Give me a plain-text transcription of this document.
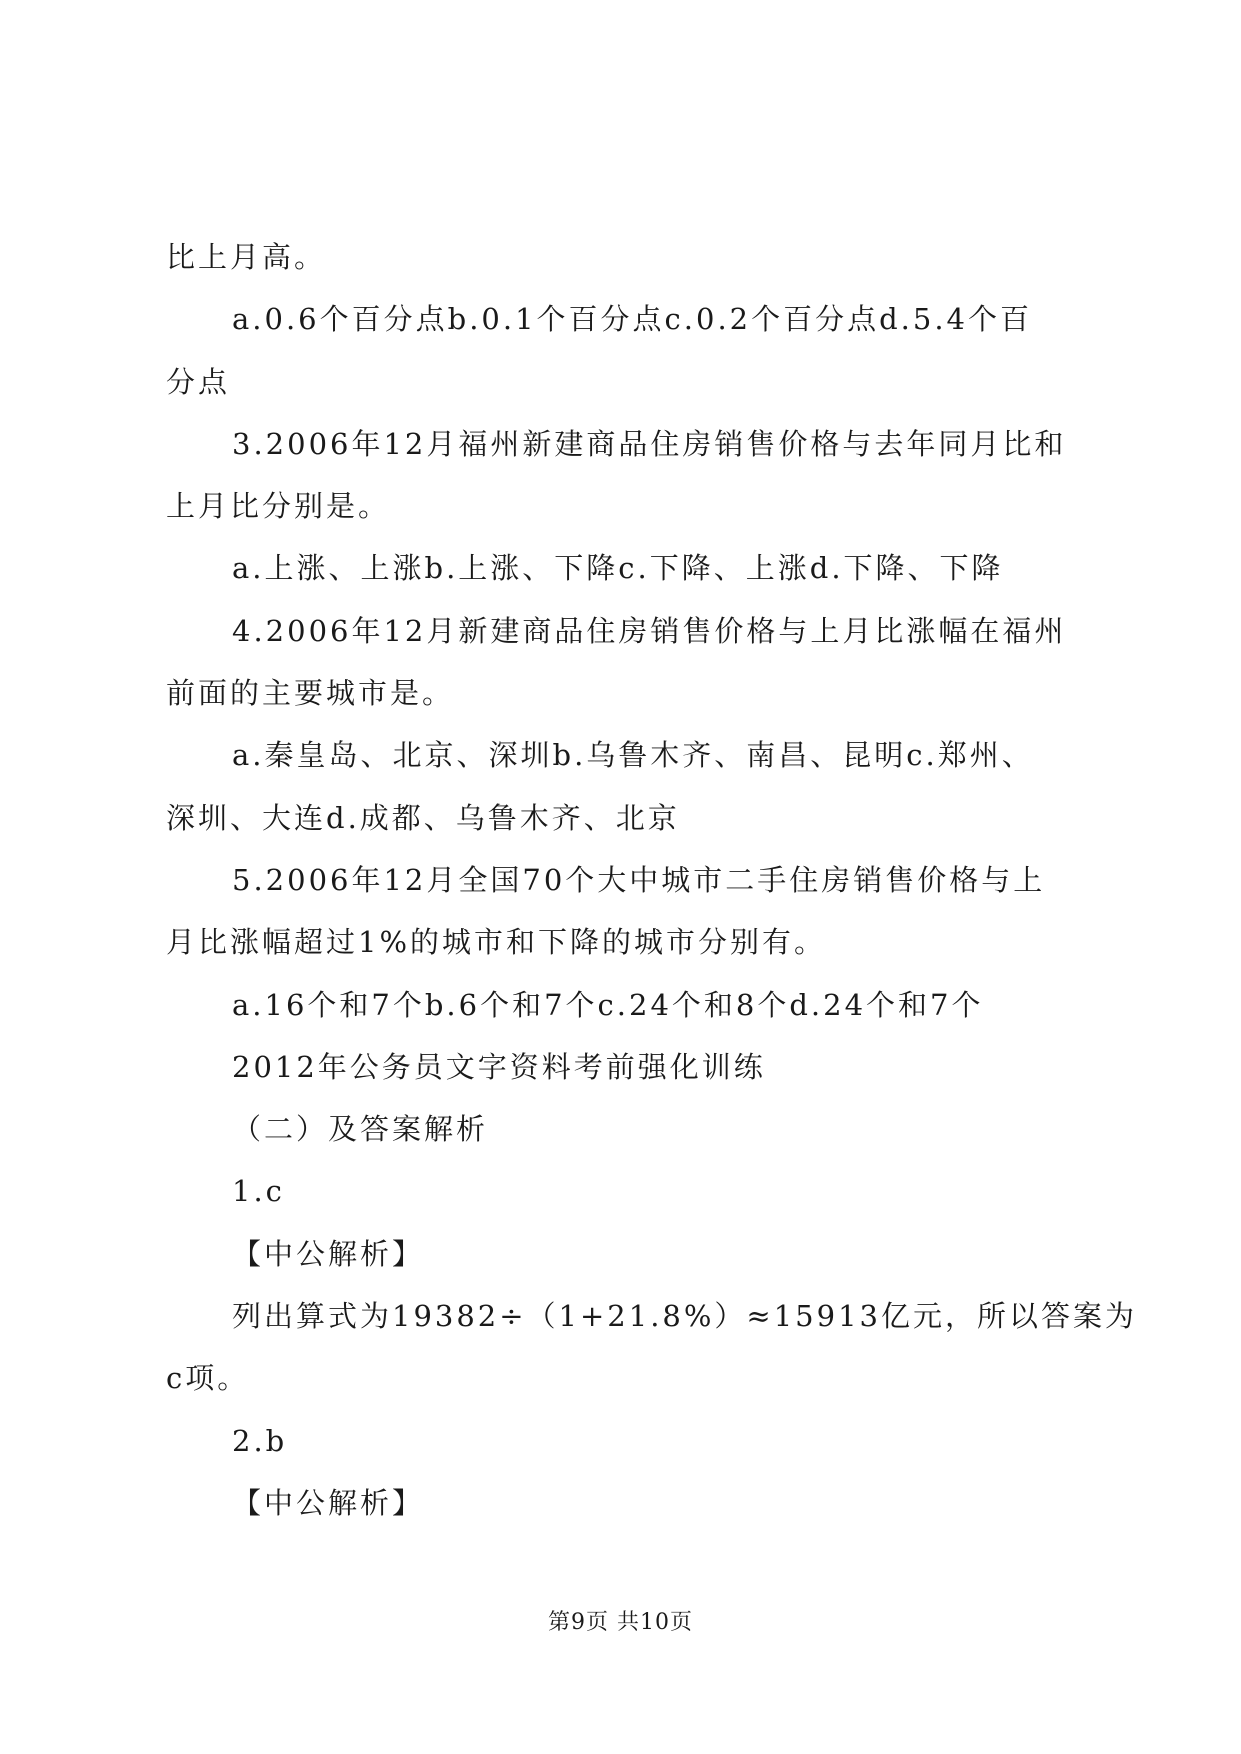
比上月高。
a.0.6个百分点b.0.1个百分点c.0.2个百分点d.5.4个百
分点
3.2006年12月福州新建商品住房销售价格与去年同月比和
上月比分别是。
a.上涨、上涨b.上涨、下降c.下降、上涨d.下降、下降
4.2006年12月新建商品住房销售价格与上月比涨幅在福州
前面的主要城市是。
a.秦皇岛、北京、深圳b.乌鲁木齐、南昌、昆明c.郑州、
深圳、大连d.成都、乌鲁木齐、北京
5.2006年12月全国70个大中城市二手住房销售价格与上
月比涨幅超过1%的城市和下降的城市分别有。
a.16个和7个b.6个和7个c.24个和8个d.24个和7个
2012年公务员文字资料考前强化训练
（二）及答案解析
1.c
【中公解析】
列出算式为19382÷（1+21.8%）≈15913亿元，所以答案为
c项。
2.b
【中公解析】
第9页 共10页
